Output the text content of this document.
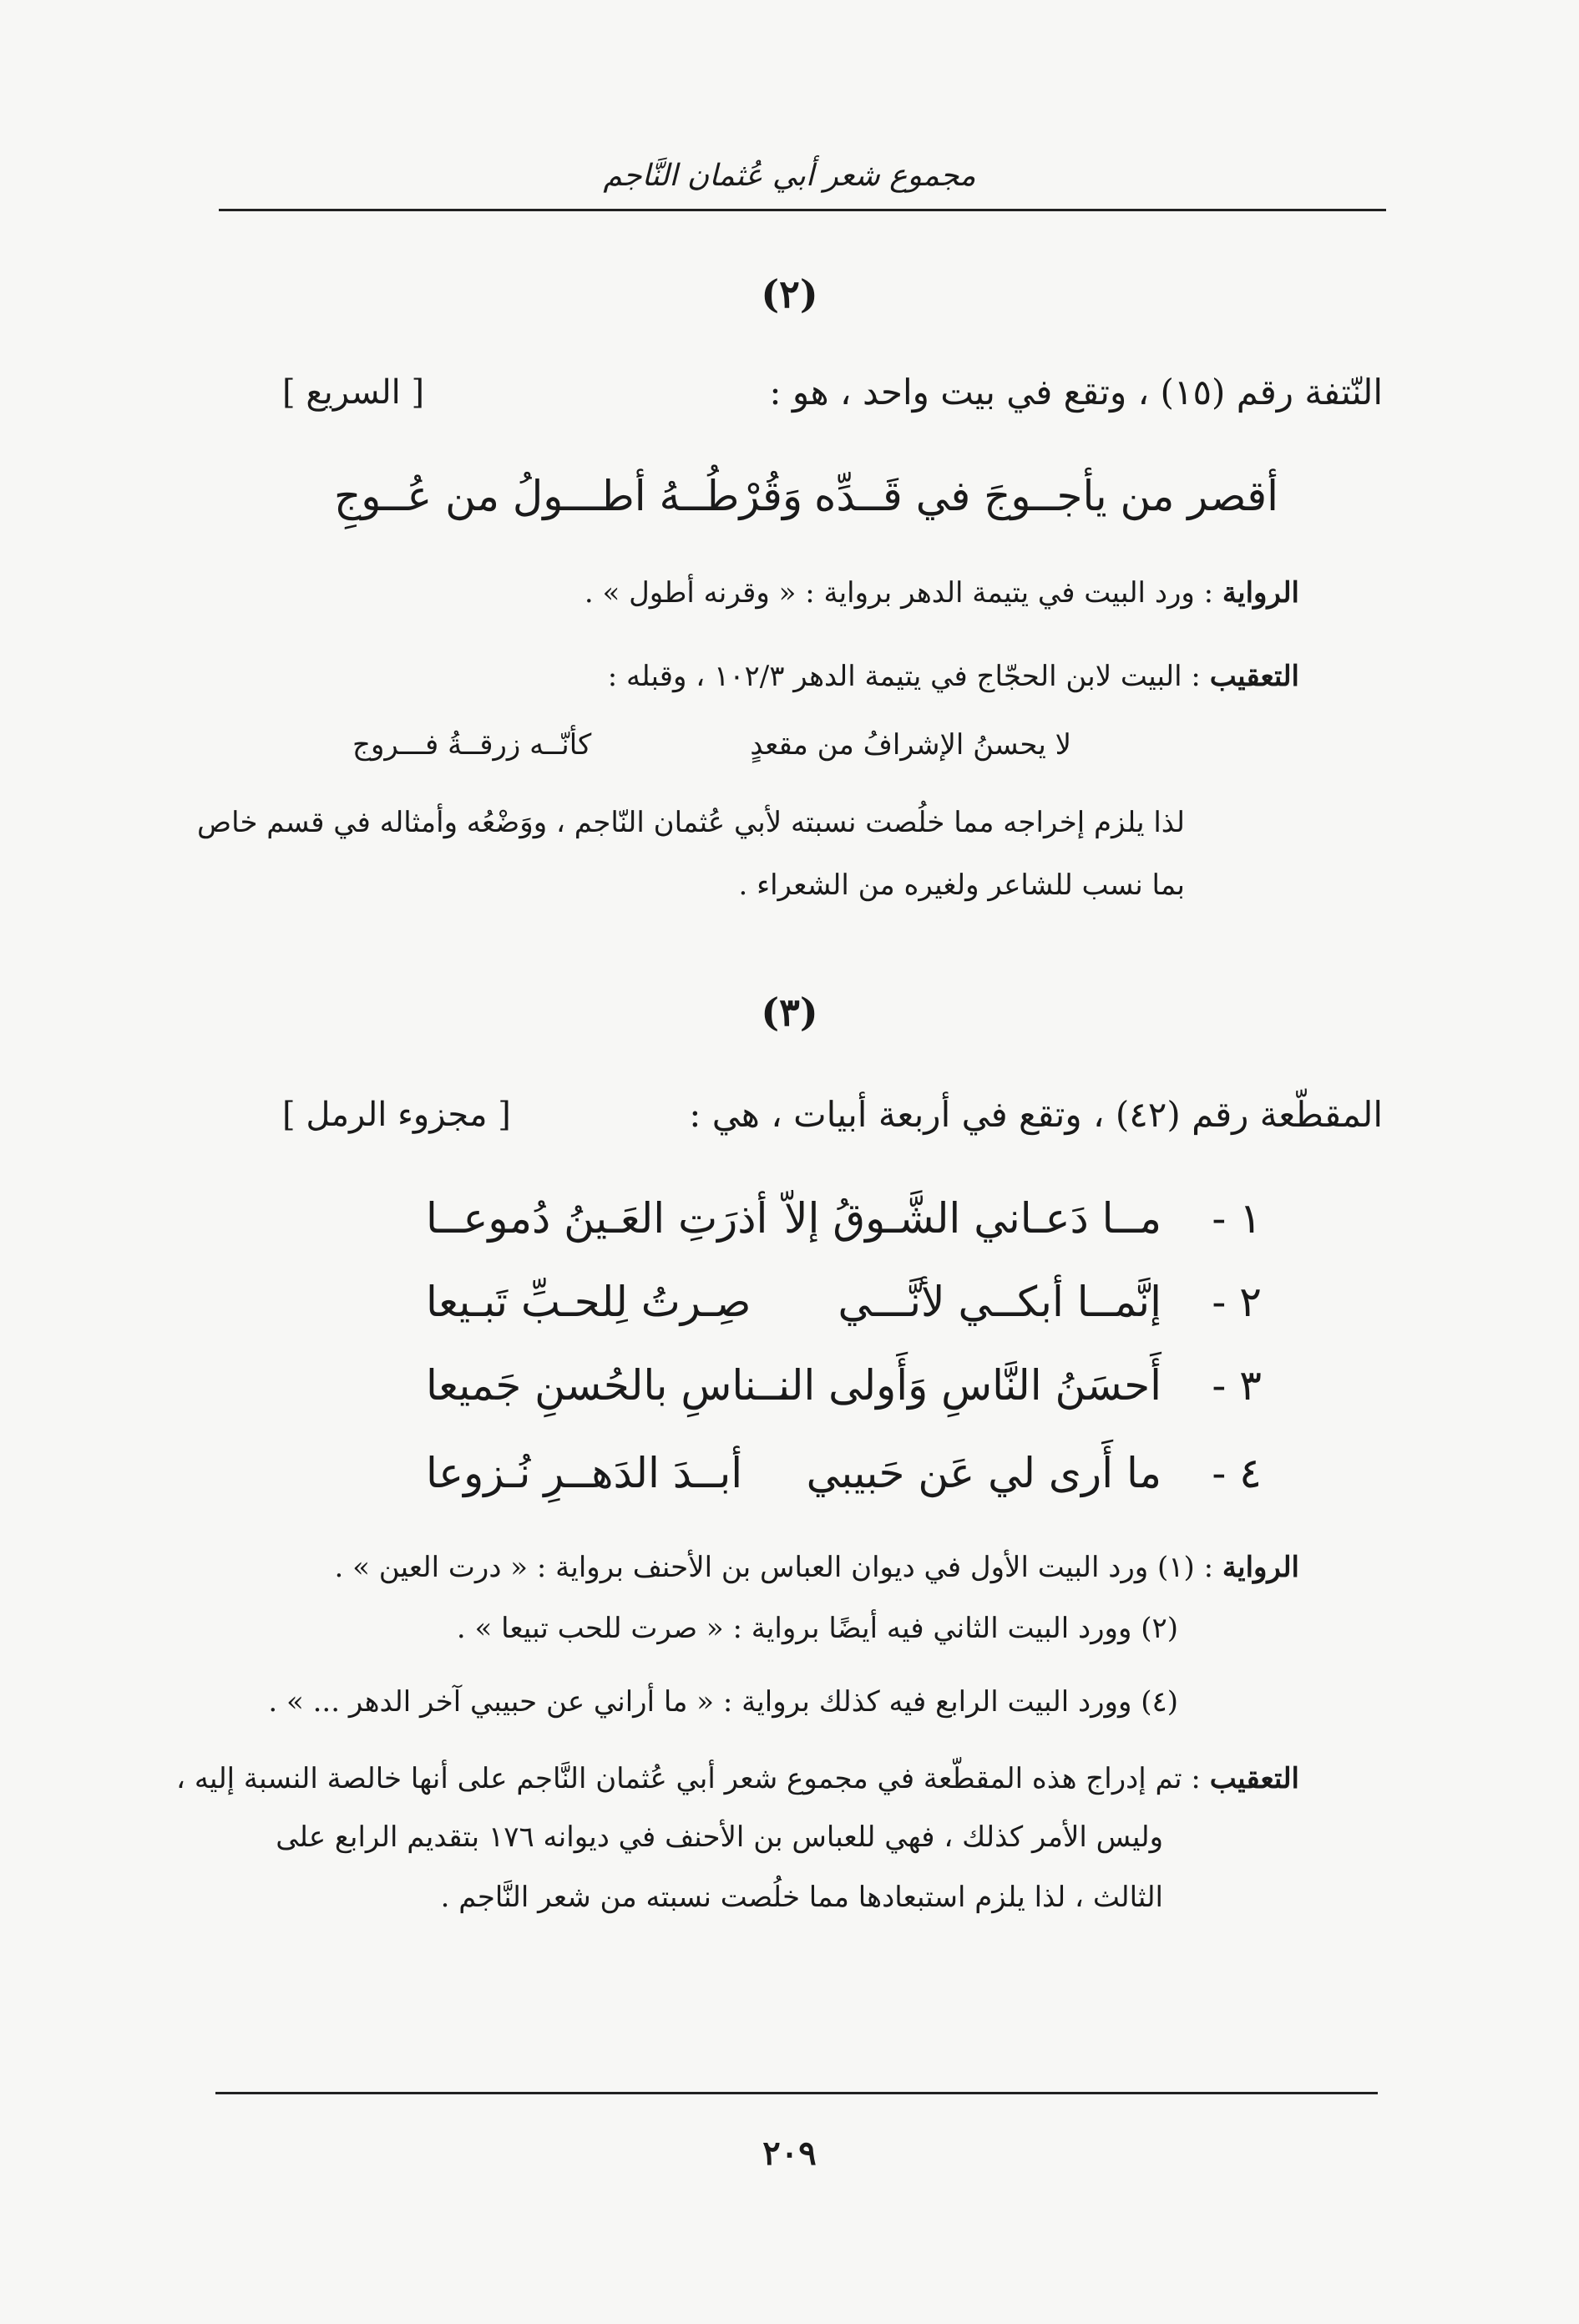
مجموع شعر أبي عُثمان النَّاجم
(٢)
النّتفة رقم (١٥) ، وتقع في بيت واحد ، هو :
[ السريع ]
أقصر من يأجــوجَ في قَــدِّه
وَقُرْطُــهُ أطـــولُ من عُــوجِ
الرواية : ورد البيت في يتيمة الدهر برواية : « وقرنه أطول » .
التعقيب : البيت لابن الحجّاج في يتيمة الدهر ١٠٢/٣ ، وقبله :
لا يحسنُ الإشرافُ من مقعدٍ
كأنّــه زرقــةُ فـــروج
لذا يلزم إخراجه مما خلُصت نسبته لأبي عُثمان النّاجم ، ووَضْعُه وأمثاله في قسم خاص
بما نسب للشاعر ولغيره من الشعراء .
(٣)
المقطّعة رقم (٤٢) ، وتقع في أربعة أبيات ، هي :
[ مجزوء الرمل ]
١ -
مــا دَعـاني الشَّـوقُ إلاّ
أذرَتِ العَـينُ دُموعــا
٢ -
إنَّمــا أبكــي لأنَّـــي
صِـرتُ لِلحـبِّ تَبـيعا
٣ -
أَحسَنُ النَّاسِ وَأَولى النـ
ـــناسِ بالحُسنِ جَميعا
٤ -
ما أَرى لي عَن حَبيبي
أبــدَ الدَهــرِ نُـزوعا
الرواية : (١) ورد البيت الأول في ديوان العباس بن الأحنف برواية : « درت العين » .
(٢) وورد البيت الثاني فيه أيضًا برواية : « صرت للحب تبيعا » .
(٤) وورد البيت الرابع فيه كذلك برواية : « ما أراني عن حبيبي آخر الدهر ... » .
التعقيب : تم إدراج هذه المقطّعة في مجموع شعر أبي عُثمان النَّاجم على أنها خالصة النسبة إليه ،
وليس الأمر كذلك ، فهي للعباس بن الأحنف في ديوانه ١٧٦ بتقديم الرابع على
الثالث ، لذا يلزم استبعادها مما خلُصت نسبته من شعر النَّاجم .
٢٠٩
